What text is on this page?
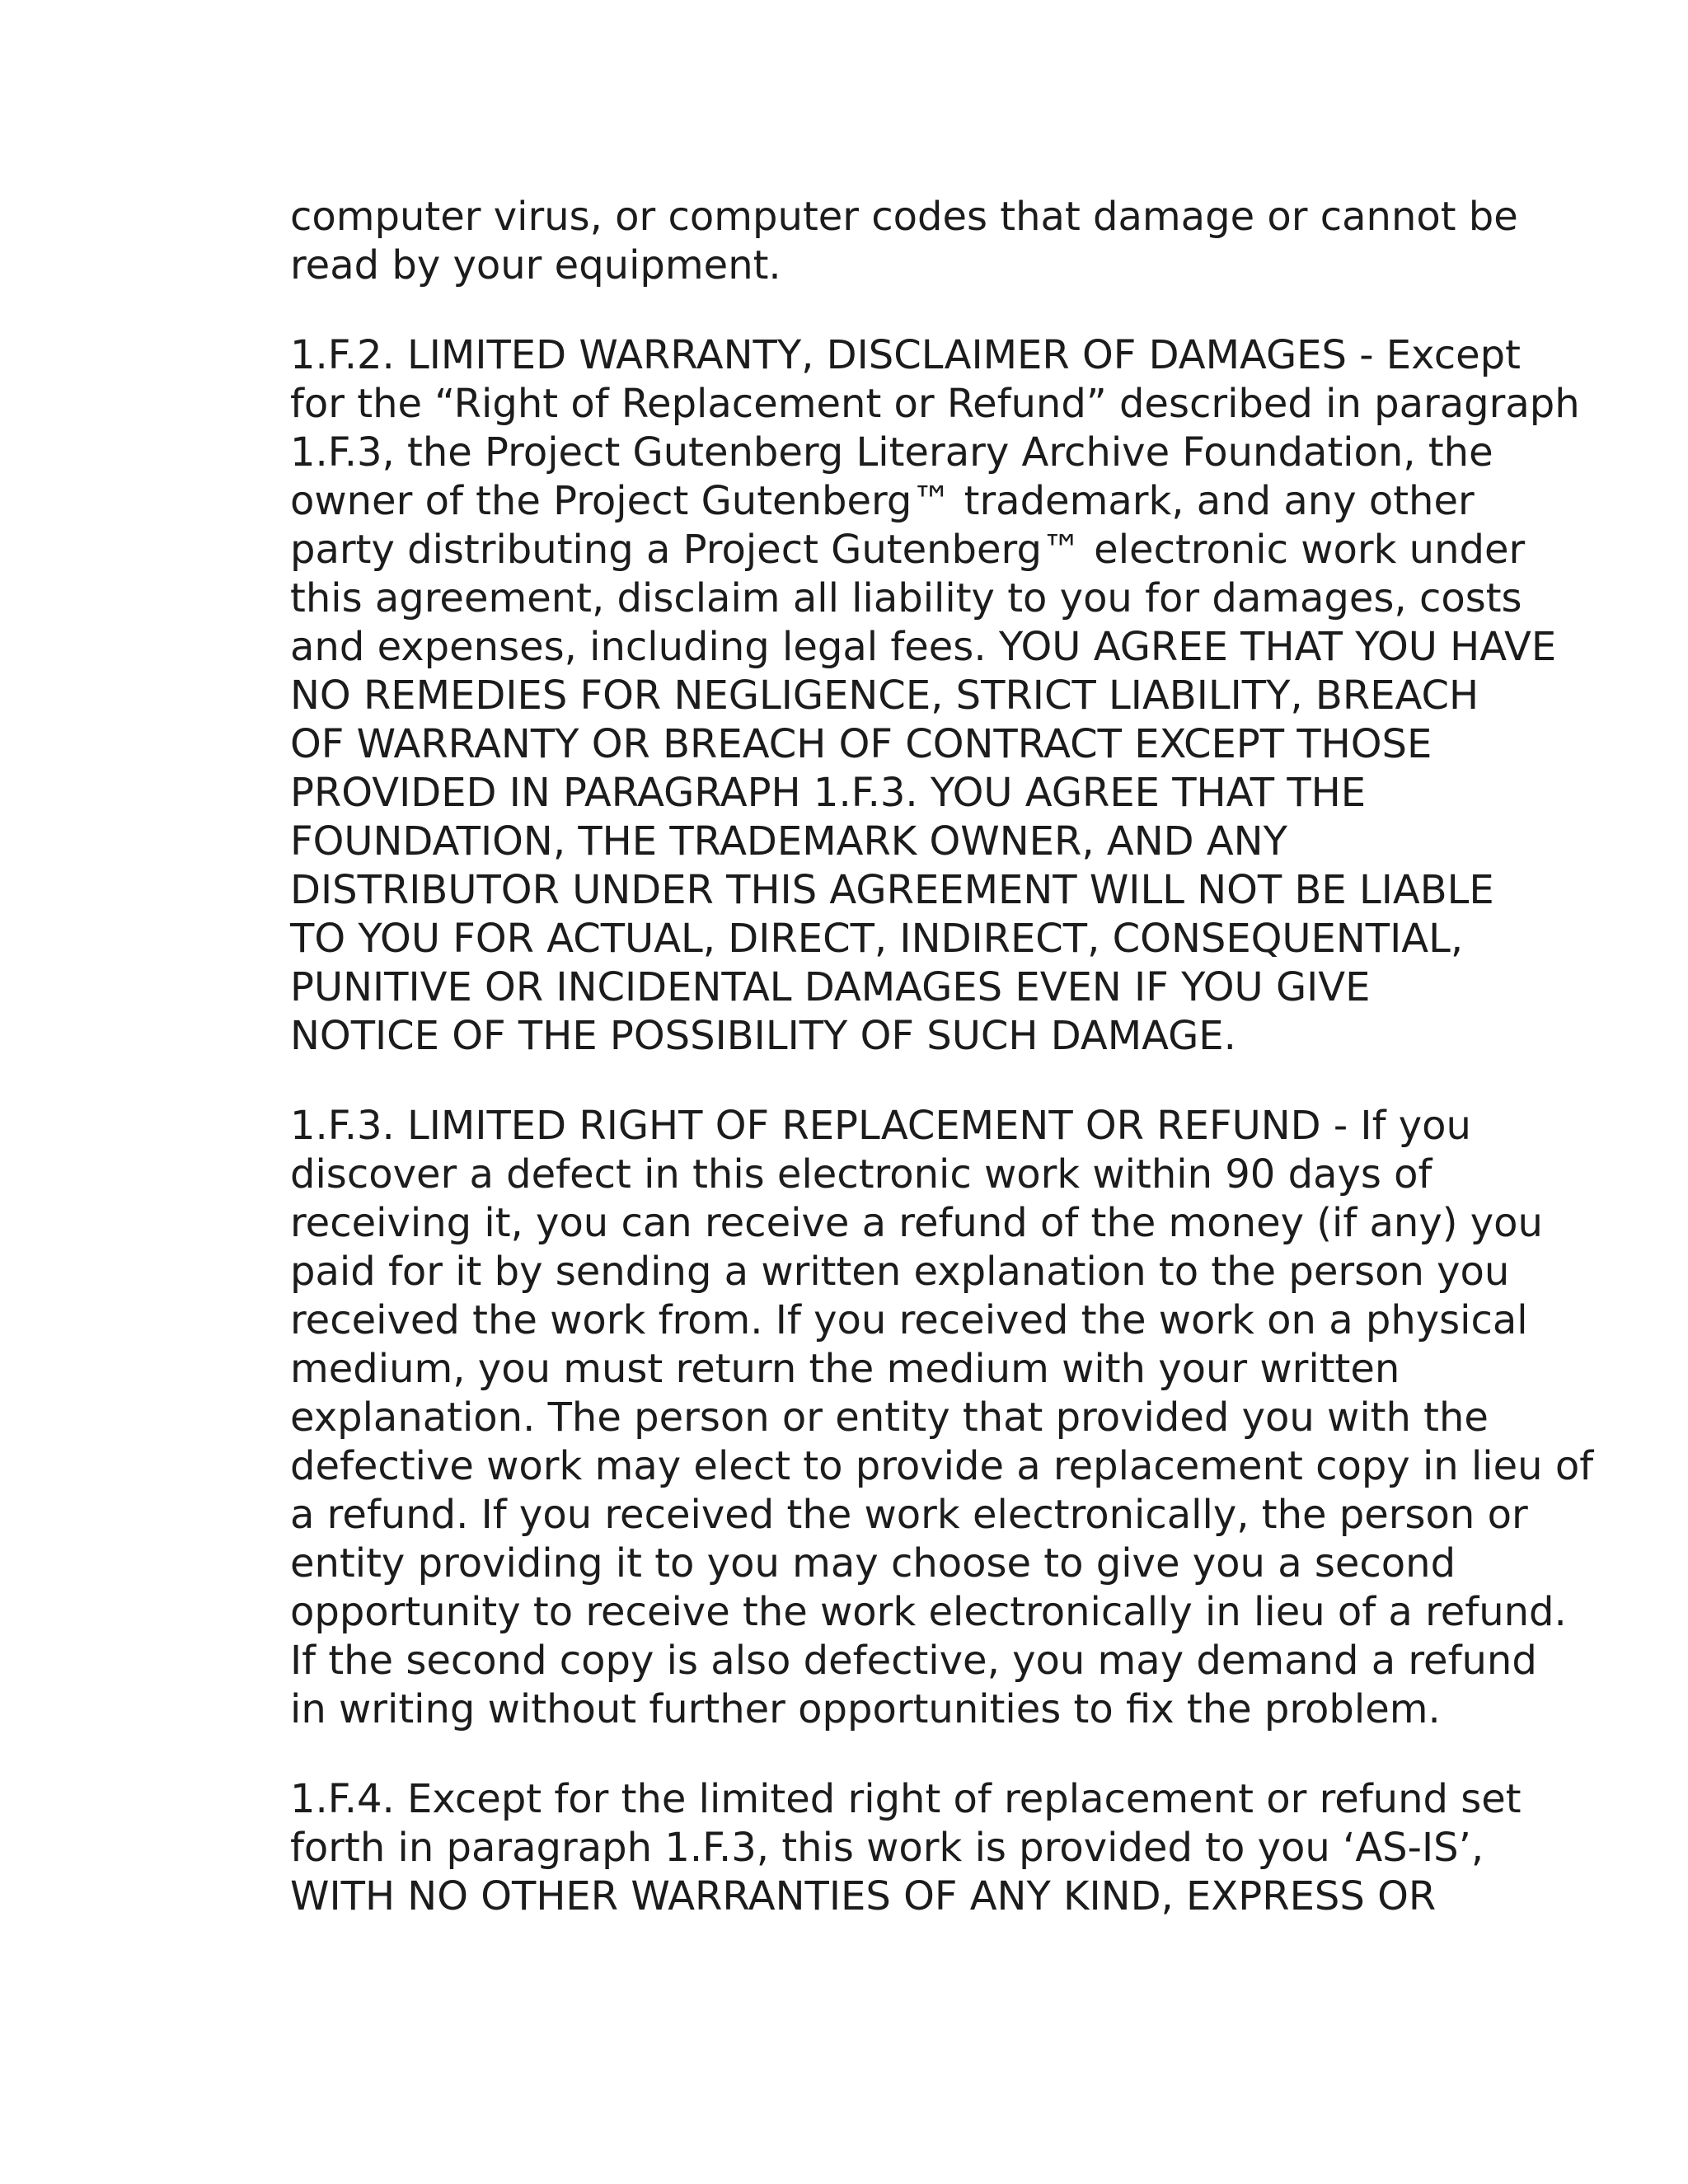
computer virus, or computer codes that damage or cannot be
read by your equipment.
1.F.2. LIMITED WARRANTY, DISCLAIMER OF DAMAGES - Except
for the “Right of Replacement or Refund” described in paragraph
1.F.3, the Project Gutenberg Literary Archive Foundation, the
owner of the Project Gutenberg™ trademark, and any other
party distributing a Project Gutenberg™ electronic work under
this agreement, disclaim all liability to you for damages, costs
and expenses, including legal fees. YOU AGREE THAT YOU HAVE
NO REMEDIES FOR NEGLIGENCE, STRICT LIABILITY, BREACH
OF WARRANTY OR BREACH OF CONTRACT EXCEPT THOSE
PROVIDED IN PARAGRAPH 1.F.3. YOU AGREE THAT THE
FOUNDATION, THE TRADEMARK OWNER, AND ANY
DISTRIBUTOR UNDER THIS AGREEMENT WILL NOT BE LIABLE
TO YOU FOR ACTUAL, DIRECT, INDIRECT, CONSEQUENTIAL,
PUNITIVE OR INCIDENTAL DAMAGES EVEN IF YOU GIVE
NOTICE OF THE POSSIBILITY OF SUCH DAMAGE.
1.F.3. LIMITED RIGHT OF REPLACEMENT OR REFUND - If you
discover a defect in this electronic work within 90 days of
receiving it, you can receive a refund of the money (if any) you
paid for it by sending a written explanation to the person you
received the work from. If you received the work on a physical
medium, you must return the medium with your written
explanation. The person or entity that provided you with the
defective work may elect to provide a replacement copy in lieu of
a refund. If you received the work electronically, the person or
entity providing it to you may choose to give you a second
opportunity to receive the work electronically in lieu of a refund.
If the second copy is also defective, you may demand a refund
in writing without further opportunities to fix the problem.
1.F.4. Except for the limited right of replacement or refund set
forth in paragraph 1.F.3, this work is provided to you ‘AS-IS’,
WITH NO OTHER WARRANTIES OF ANY KIND, EXPRESS OR
